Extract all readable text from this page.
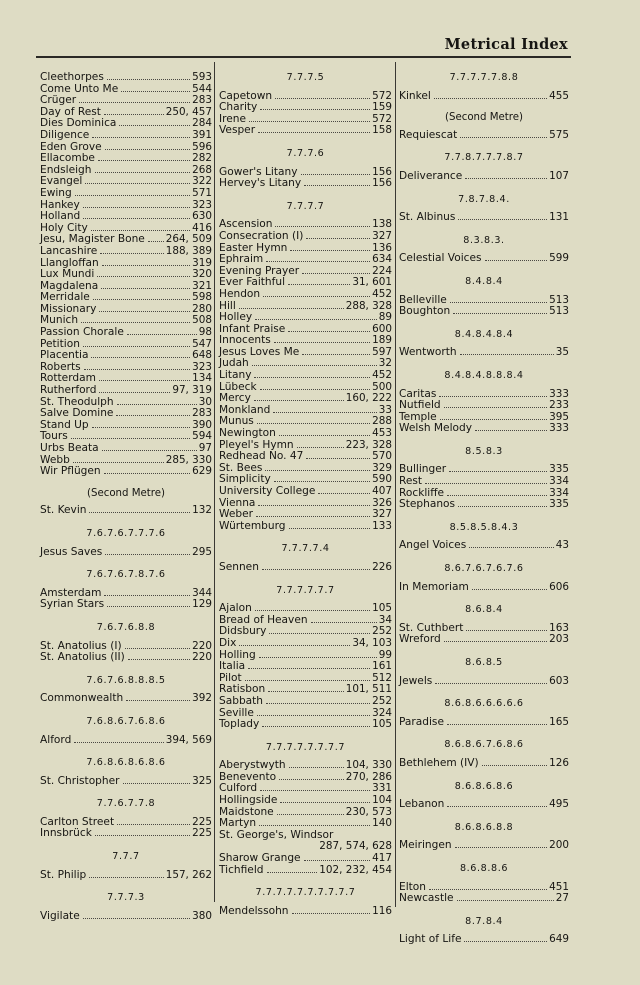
Metrical Index
Cleethorpes	593
Come Unto Me	544
Crüger	283
Day of Rest	250, 457
Dies Dominica	284
Diligence	391
Eden Grove	596
Ellacombe	282
Endsleigh	268
Evangel	322
Ewing	571
Hankey	323
Holland	630
Holy City	416
Jesu, Magister Bone 264, 509
Lancashire	188, 389
Llangloffan	319
Lux Mundi	320
Magdalena	321
Merridale	598
Missionary	280
Munich	508
Passion Chorale	98
Petition	547
Placentia	648
Roberts	323
Rotterdam	134
Rutherford	97, 319
St. Theodulph	30
Salve Domine	283
Stand Up	390
Tours	594
Urbs Beata	97
Webb	285, 330
Wir Pflügen	629
(Second Metre)
St. Kevin	132
7.6.7.6.7.7.7.6
Jesus Saves	295
7.6.7.6.7.8.7.6
Amsterdam	344
Syrian Stars	129
7.6.7.6.8.8
St. Anatolius (I)	220
St. Anatolius (II)	220
7.6.7.6.8.8.8.5
Commonwealth	392
7.6.8.6.7.6.8.6
Alford	394, 569
7.6.8.6.8.6.8.6
St. Christopher	325
7.7.6.7.7.8
Carlton Street	225
Innsbrück	225
7.7.7
St. Philip	157, 262
7.7.7.3
Vigilate	380
7.7.7.5
Capetown	572
Charity	159
Irene	572
Vesper	158
7.7.7.6
Gower's Litany	156
Hervey's Litany	156
7.7.7.7
Ascension	138
Consecration (I)	327
Easter Hymn	136
Ephraim	634
Evening Prayer	224
Ever Faithful	31, 601
Hendon	452
Hill	288, 328
Holley	89
Infant Praise	600
Innocents	189
Jesus Loves Me	597
Judah	32
Litany	452
Lübeck	500
Mercy	160, 222
Monkland	33
Munus	288
Newington	453
Pleyel's Hymn	223, 328
Redhead No. 47	570
St. Bees	329
Simplicity	590
University College	407
Vienna	326
Weber	327
Würtemburg	133
7.7.7.7.4
Sennen	226
7.7.7.7.7.7
Ajalon	105
Bread of Heaven	34
Didsbury	252
Dix	34, 103
Holling	99
Italia	161
Pilot	512
Ratisbon	101, 511
Sabbath	252
Seville	324
Toplady	105
7.7.7.7.7.7.7.7
Aberystwyth	104, 330
Benevento	270, 286
Culford	331
Hollingside	104
Maidstone	230, 573
Martyn	140
St. George's, Windsor
287, 574, 628
Sharow Grange	417
Tichfield	102, 232, 454
7.7.7.7.7.7.7.7.7.7
Mendelssohn	116
7.7.7.7.7.8.8
Kinkel	455
(Second Metre)
Requiescat	575
7.7.8.7.7.7.8.7
Deliverance	107
7.8.7.8.4.
St. Albinus	131
8.3.8.3.
Celestial Voices	599
8.4.8.4
Belleville	513
Boughton	513
8.4.8.4.8.4
Wentworth	35
8.4.8.4.8.8.8.4
Caritas	333
Nutfield	233
Temple	395
Welsh Melody	333
8.5.8.3
Bullinger	335
Rest	334
Rockliffe	334
Stephanos	335
8.5.8.5.8.4.3
Angel Voices	43
8.6.7.6.7.6.7.6
In Memoriam	606
8.6.8.4
St. Cuthbert	163
Wreford	203
8.6.8.5
Jewels	603
8.6.8.6.6.6.6.6
Paradise	165
8.6.8.6.7.6.8.6
Bethlehem (IV)	126
8.6.8.6.8.6
Lebanon	495
8.6.8.6.8.8
Meiringen	200
8.6.8.8.6
Elton	451
Newcastle	27
8.7.8.4
Light of Life	649
